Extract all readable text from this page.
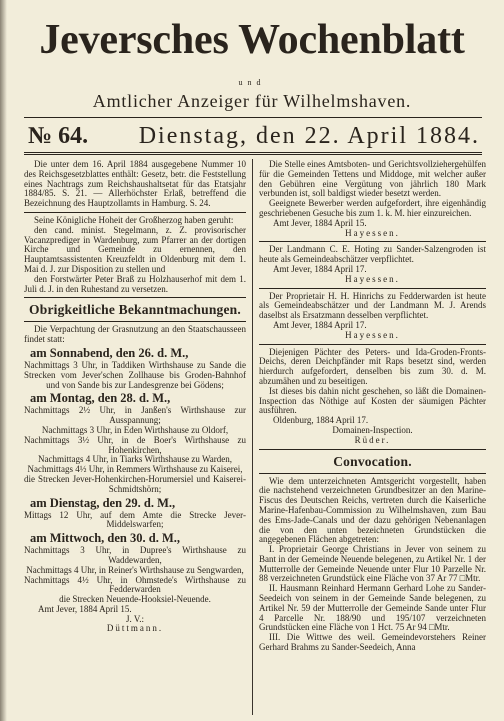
Jeversches Wochenblatt
und
Amtlicher Anzeiger für Wilhelmshaven.
№ 64. Dienstag, den 22. April 1884.

Die unter dem 16. April 1884 ausgegebene Nummer 10 des Reichsgesetzblattes enthält: Gesetz, betr. die Feststellung eines Nachtrags zum Reichshaushaltsetat für das Etatsjahr 1884/85. S. 21. — Allerhöchster Erlaß, betreffend die Bezeichnung des Hauptzollamts in Hamburg. S. 24.

Seine Königliche Hoheit der Großherzog haben geruht:

den cand. minist. Stegelmann, z. Z. provisorischer Vacanzprediger in Wardenburg, zum Pfarrer an der dortigen Kirche und Gemeinde zu ernennen, den Hauptamtsassistenten Kreuzfeldt in Oldenburg mit dem 1. Mai d. J. zur Disposition zu stellen und

den Forstwärter Peter Braß zu Holzhauserhof mit dem 1. Juli d. J. in den Ruhestand zu versetzen.

Obrigkeitliche Bekanntmachungen.

Die Verpachtung der Grasnutzung an den Staatschausseen findet statt:

am Sonnabend, den 26. d. M.,

Nachmittags 3 Uhr, in Taddiken Wirthshause zu Sande die Strecken vom Jever'schen Zollhause bis Groden-Bahnhof und von Sande bis zur Landesgrenze bei Gödens;

am Montag, den 28. d. M.,

Nachmittags 2½ Uhr, in Janßen's Wirthshause zur Ausspannung;

Nachmittags 3 Uhr, in Eden Wirthshause zu Oldorf,

Nachmittags 3½ Uhr, in de Boer's Wirthshause zu Hohenkirchen,

Nachmittags 4 Uhr, in Tiarks Wirthshause zu Warden,

Nachmittags 4½ Uhr, in Remmers Wirthshause zu Kaiserei,

die Strecken Jever-Hohenkirchen-Horumersiel und Kaiserei-Schmidtshörn;

am Dienstag, den 29. d. M.,

Mittags 12 Uhr, auf dem Amte die Strecke Jever-Middelswarfen;

am Mittwoch, den 30. d. M.,

Nachmittags 3 Uhr, in Dupree's Wirthshause zu Waddewarden,

Nachmittags 4 Uhr, in Reiner's Wirthshause zu Sengwarden,

Nachmittags 4½ Uhr, in Ohmstede's Wirthshause zu Fedderwarden

die Strecken Neuende-Hooksiel-Neuende.

Amt Jever, 1884 April 15.
J. V.:
Düttmann.

Die Stelle eines Amtsboten- und Gerichtsvollziehergehülfen für die Gemeinden Tettens und Middoge, mit welcher außer den Gebühren eine Vergütung von jährlich 180 Mark verbunden ist, soll baldigst wieder besetzt werden.

Geeignete Bewerber werden aufgefordert, ihre eigenhändig geschriebenen Gesuche bis zum 1. k. M. hier einzureichen.

Amt Jever, 1884 April 15.
Hayessen.

Der Landmann C. E. Hoting zu Sander-Salzengroden ist heute als Gemeindeabschätzer verpflichtet.

Amt Jever, 1884 April 17.
Hayessen.

Der Proprietair H. H. Hinrichs zu Fedderwarden ist heute als Gemeindeabschätzer und der Landmann M. J. Arends daselbst als Ersatzmann desselben verpflichtet.

Amt Jever, 1884 April 17.
Hayessen.

Diejenigen Pächter des Peters- und Ida-Groden-Fronts-Deichs, deren Deichpfänder mit Raps besetzt sind, werden hierdurch aufgefordert, denselben bis zum 30. d. M. abzumähen und zu beseitigen.

Ist dieses bis dahin nicht geschehen, so läßt die Domainen-Inspection das Nöthige auf Kosten der säumigen Pächter ausführen.

Oldenburg, 1884 April 17.
Domainen-Inspection.
Rüder.
Convocation.

Wie dem unterzeichneten Amtsgericht vorgestellt, haben die nachstehend verzeichneten Grundbesitzer an den Marine-Fiscus des Deutschen Reichs, vertreten durch die Kaiserliche Marine-Hafenbau-Commission zu Wilhelmshaven, zum Bau des Ems-Jade-Canals und der dazu gehörigen Nebenanlagen die von den unten bezeichneten Grundstücken die angegebenen Flächen abgetreten:

I. Proprietair George Christians in Jever von seinem zu Bant in der Gemeinde Neuende belegenen, zu Artikel Nr. 1 der Mutterrolle der Gemeinde Neuende unter Flur 10 Parzelle Nr. 88 verzeichneten Grundstück eine Fläche von 37 Ar 77 □Mtr.

II. Hausmann Reinhard Hermann Gerhard Lohe zu Sander-Seedeich von seinem in der Gemeinde Sande belegenen, zu Artikel Nr. 59 der Mutterrolle der Gemeinde Sande unter Flur 4 Parcelle Nr. 188/90 und 195/107 verzeichneten Grundstücken eine Fläche von 1 Hct. 75 Ar 94 □Mtr.

III. Die Wittwe des weil. Gemeindevorstehers Reiner Gerhard Brahms zu Sander-Seedeich, Anna
